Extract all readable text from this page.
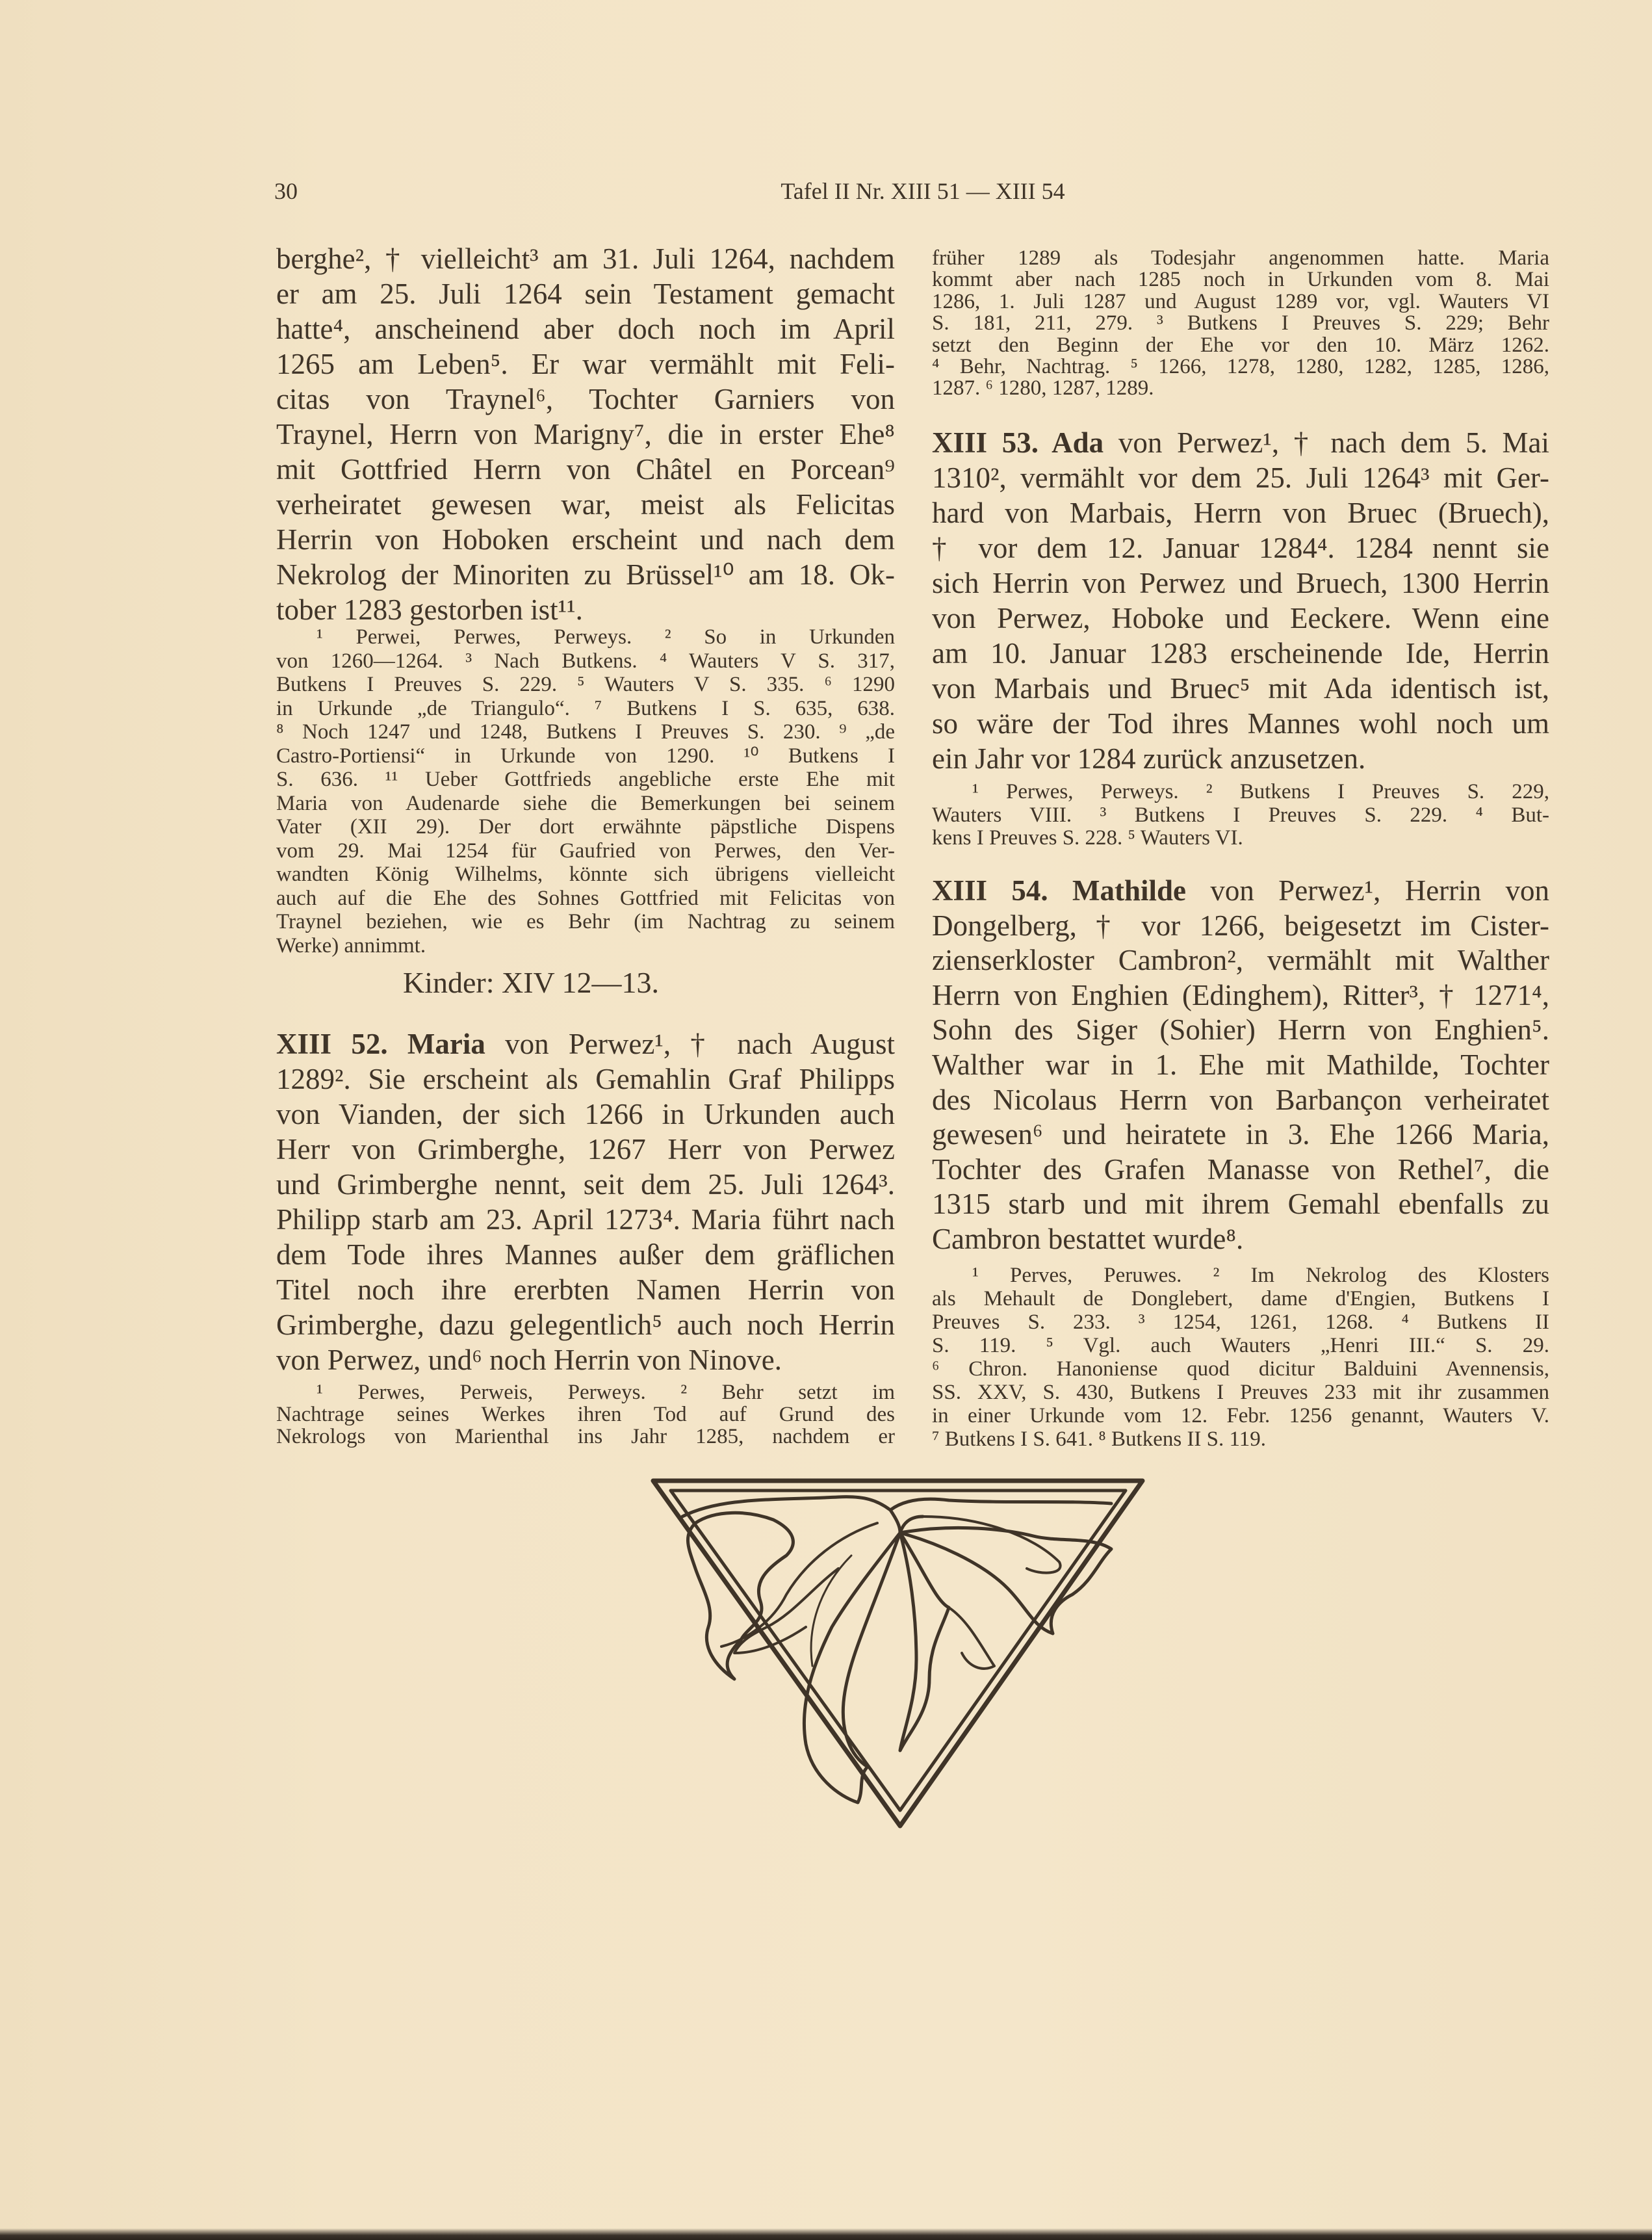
30	Tafel II Nr. XIII 51 — XIII 54
berghe², † vielleicht³ am 31. Juli 1264, nachdem
er am 25. Juli 1264 sein Testament gemacht
hatte⁴, anscheinend aber doch noch im April
1265 am Leben⁵. Er war vermählt mit Feli-
citas von Traynel⁶, Tochter Garniers von
Traynel, Herrn von Marigny⁷, die in erster Ehe⁸
mit Gottfried Herrn von Châtel en Porcean⁹
verheiratet gewesen war, meist als Felicitas
Herrin von Hoboken erscheint und nach dem
Nekrolog der Minoriten zu Brüssel¹⁰ am 18. Ok-
tober 1283 gestorben ist¹¹.
¹ Perwei, Perwes, Perweys. ² So in Urkunden
von 1260—1264. ³ Nach Butkens. ⁴ Wauters V S. 317,
Butkens I Preuves S. 229. ⁵ Wauters V S. 335. ⁶ 1290
in Urkunde „de Triangulo“. ⁷ Butkens I S. 635, 638.
⁸ Noch 1247 und 1248, Butkens I Preuves S. 230. ⁹ „de
Castro-Portiensi“ in Urkunde von 1290. ¹⁰ Butkens I
S. 636. ¹¹ Ueber Gottfrieds angebliche erste Ehe mit
Maria von Audenarde siehe die Bemerkungen bei seinem
Vater (XII 29). Der dort erwähnte päpstliche Dispens
vom 29. Mai 1254 für Gaufried von Perwes, den Ver-
wandten König Wilhelms, könnte sich übrigens vielleicht
auch auf die Ehe des Sohnes Gottfried mit Felicitas von
Traynel beziehen, wie es Behr (im Nachtrag zu seinem
Werke) annimmt.
Kinder: XIV 12—13.
XIII 52. Maria von Perwez¹, † nach August
1289². Sie erscheint als Gemahlin Graf Philipps
von Vianden, der sich 1266 in Urkunden auch
Herr von Grimberghe, 1267 Herr von Perwez
und Grimberghe nennt, seit dem 25. Juli 1264³.
Philipp starb am 23. April 1273⁴. Maria führt nach
dem Tode ihres Mannes außer dem gräflichen
Titel noch ihre ererbten Namen Herrin von
Grimberghe, dazu gelegentlich⁵ auch noch Herrin
von Perwez, und⁶ noch Herrin von Ninove.
¹ Perwes, Perweis, Perweys. ² Behr setzt im
Nachtrage seines Werkes ihren Tod auf Grund des
Nekrologs von Marienthal ins Jahr 1285, nachdem er
früher 1289 als Todesjahr angenommen hatte. Maria
kommt aber nach 1285 noch in Urkunden vom 8. Mai
1286, 1. Juli 1287 und August 1289 vor, vgl. Wauters VI
S. 181, 211, 279. ³ Butkens I Preuves S. 229; Behr
setzt den Beginn der Ehe vor den 10. März 1262.
⁴ Behr, Nachtrag. ⁵ 1266, 1278, 1280, 1282, 1285, 1286,
1287. ⁶ 1280, 1287, 1289.
XIII 53. Ada von Perwez¹, † nach dem 5. Mai
1310², vermählt vor dem 25. Juli 1264³ mit Ger-
hard von Marbais, Herrn von Bruec (Bruech),
† vor dem 12. Januar 1284⁴. 1284 nennt sie
sich Herrin von Perwez und Bruech, 1300 Herrin
von Perwez, Hoboke und Eeckere. Wenn eine
am 10. Januar 1283 erscheinende Ide, Herrin
von Marbais und Bruec⁵ mit Ada identisch ist,
so wäre der Tod ihres Mannes wohl noch um
ein Jahr vor 1284 zurück anzusetzen.
¹ Perwes, Perweys. ² Butkens I Preuves S. 229,
Wauters VIII. ³ Butkens I Preuves S. 229. ⁴ But-
kens I Preuves S. 228. ⁵ Wauters VI.
XIII 54. Mathilde von Perwez¹, Herrin von
Dongelberg, † vor 1266, beigesetzt im Cister-
zienserkloster Cambron², vermählt mit Walther
Herrn von Enghien (Edinghem), Ritter³, † 1271⁴,
Sohn des Siger (Sohier) Herrn von Enghien⁵.
Walther war in 1. Ehe mit Mathilde, Tochter
des Nicolaus Herrn von Barbançon verheiratet
gewesen⁶ und heiratete in 3. Ehe 1266 Maria,
Tochter des Grafen Manasse von Rethel⁷, die
1315 starb und mit ihrem Gemahl ebenfalls zu
Cambron bestattet wurde⁸.
¹ Perves, Peruwes. ² Im Nekrolog des Klosters
als Mehault de Donglebert, dame d'Engien, Butkens I
Preuves S. 233. ³ 1254, 1261, 1268. ⁴ Butkens II
S. 119. ⁵ Vgl. auch Wauters „Henri III.“ S. 29.
⁶ Chron. Hanoniense quod dicitur Balduini Avennensis,
SS. XXV, S. 430, Butkens I Preuves 233 mit ihr zusammen
in einer Urkunde vom 12. Febr. 1256 genannt, Wauters V.
⁷ Butkens I S. 641. ⁸ Butkens II S. 119.
